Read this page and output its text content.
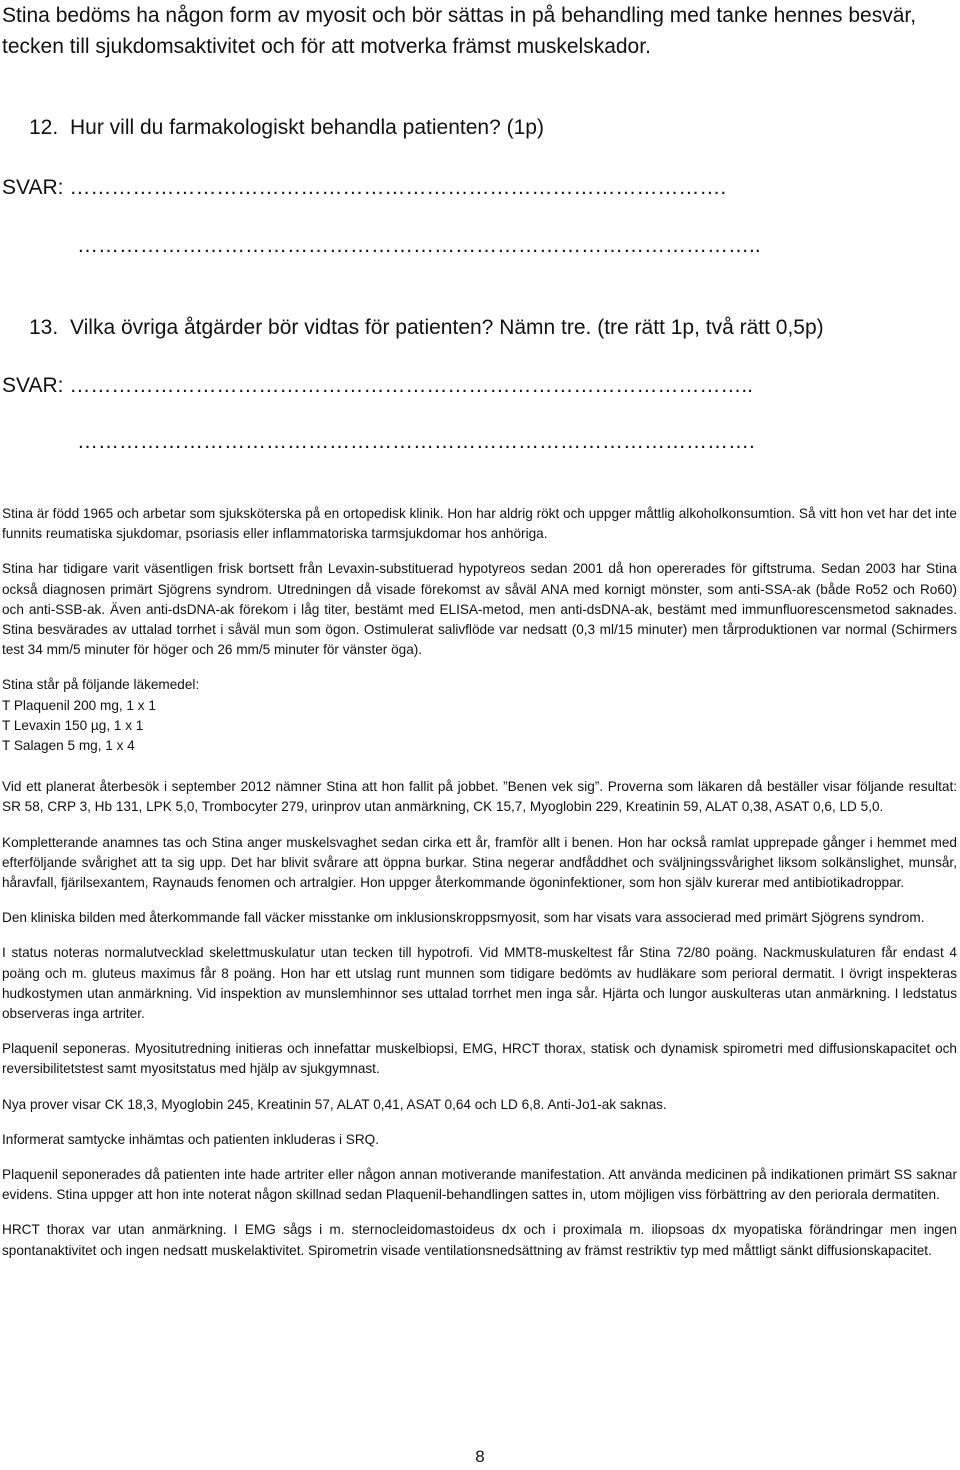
Stina bedöms ha någon form av myosit och bör sättas in på behandling med tanke hennes besvär, tecken till sjukdomsaktivitet och för att motverka främst muskelskador.
12. Hur vill du farmakologiskt behandla patienten? (1p)
SVAR: ………………………………………………………………………………….
……………………………………………………………………………………..
13. Vilka övriga åtgärder bör vidtas för patienten? Nämn tre. (tre rätt 1p, två rätt 0,5p)
SVAR: ……………………………………………………………………………………..
…………………………………………………………………………………….

Stina är född 1965 och arbetar som sjuksköterska på en ortopedisk klinik. Hon har aldrig rökt och uppger måttlig alkoholkonsumtion. Så vitt hon vet har det inte funnits reumatiska sjukdomar, psoriasis eller inflammatoriska tarmsjukdomar hos anhöriga.

Stina har tidigare varit väsentligen frisk bortsett från Levaxin-substituerad hypotyreos sedan 2001 då hon opererades för giftstruma. Sedan 2003 har Stina också diagnosen primärt Sjögrens syndrom. Utredningen då visade förekomst av såväl ANA med kornigt mönster, som anti-SSA-ak (både Ro52 och Ro60) och anti-SSB-ak. Även anti-dsDNA-ak förekom i låg titer, bestämt med ELISA-metod, men anti-dsDNA-ak, bestämt med immunfluorescensmetod saknades. Stina besvärades av uttalad torrhet i såväl mun som ögon. Ostimulerat salivflöde var nedsatt (0,3 ml/15 minuter) men tårproduktionen var normal (Schirmers test 34 mm/5 minuter för höger och 26 mm/5 minuter för vänster öga).

Stina står på följande läkemedel:
T Plaquenil 200 mg, 1 x 1
T Levaxin 150 µg, 1 x 1
T Salagen 5 mg, 1 x 4

Vid ett planerat återbesök i september 2012 nämner Stina att hon fallit på jobbet. ”Benen vek sig”. Proverna som läkaren då beställer visar följande resultat: SR 58, CRP 3, Hb 131, LPK 5,0, Trombocyter 279, urinprov utan anmärkning, CK 15,7, Myoglobin 229, Kreatinin 59, ALAT 0,38, ASAT 0,6, LD 5,0.

Kompletterande anamnes tas och Stina anger muskelsvaghet sedan cirka ett år, framför allt i benen. Hon har också ramlat upprepade gånger i hemmet med efterföljande svårighet att ta sig upp. Det har blivit svårare att öppna burkar. Stina negerar andfåddhet och sväljningssvårighet liksom solkänslighet, munsår, håravfall, fjärilsexantem, Raynauds fenomen och artralgier. Hon uppger återkommande ögoninfektioner, som hon själv kurerar med antibiotikadroppar.

Den kliniska bilden med återkommande fall väcker misstanke om inklusionskroppsmyosit, som har visats vara associerad med primärt Sjögrens syndrom.

I status noteras normalutvecklad skelettmuskulatur utan tecken till hypotrofi. Vid MMT8-muskeltest får Stina 72/80 poäng. Nackmuskulaturen får endast 4 poäng och m. gluteus maximus får 8 poäng. Hon har ett utslag runt munnen som tidigare bedömts av hudläkare som perioral dermatit. I övrigt inspekteras hudkostymen utan anmärkning. Vid inspektion av munslemhinnor ses uttalad torrhet men inga sår. Hjärta och lungor auskulteras utan anmärkning. I ledstatus observeras inga artriter.

Plaquenil seponeras. Myositutredning initieras och innefattar muskelbiopsi, EMG, HRCT thorax, statisk och dynamisk spirometri med diffusionskapacitet och reversibilitetstest samt myositstatus med hjälp av sjukgymnast.

Nya prover visar CK 18,3, Myoglobin 245, Kreatinin 57, ALAT 0,41, ASAT 0,64 och LD 6,8. Anti-Jo1-ak saknas.

Informerat samtycke inhämtas och patienten inkluderas i SRQ.

Plaquenil seponerades då patienten inte hade artriter eller någon annan motiverande manifestation. Att använda medicinen på indikationen primärt SS saknar evidens. Stina uppger att hon inte noterat någon skillnad sedan Plaquenil-behandlingen sattes in, utom möjligen viss förbättring av den periorala dermatiten.

HRCT thorax var utan anmärkning. I EMG sågs i m. sternocleidomastoideus dx och i proximala m. iliopsoas dx myopatiska förändringar men ingen spontanaktivitet och ingen nedsatt muskelaktivitet. Spirometrin visade ventilationsnedsättning av främst restriktiv typ med måttligt sänkt diffusionskapacitet.

8
